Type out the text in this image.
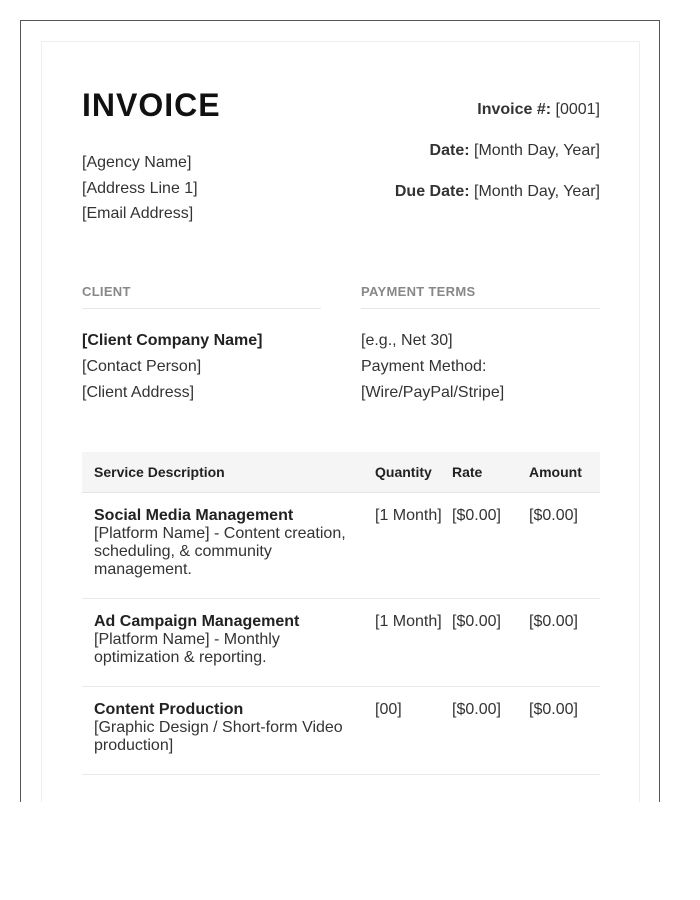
INVOICE
[Agency Name]
[Address Line 1]
[Email Address]
Invoice #: [0001]
Date: [Month Day, Year]
Due Date: [Month Day, Year]
CLIENT
[Client Company Name]
[Contact Person]
[Client Address]
PAYMENT TERMS
[e.g., Net 30]
Payment Method:
[Wire/PayPal/Stripe]
Service Description	Quantity	Rate	Amount

Social Media Management
[Platform Name] - Content creation, scheduling, & community management.	[1 Month]	[$0.00]	[$0.00]

Ad Campaign Management
[Platform Name] - Monthly optimization & reporting.	[1 Month]	[$0.00]	[$0.00]

Content Production
[Graphic Design / Short-form Video production]	[00]	[$0.00]	[$0.00]
